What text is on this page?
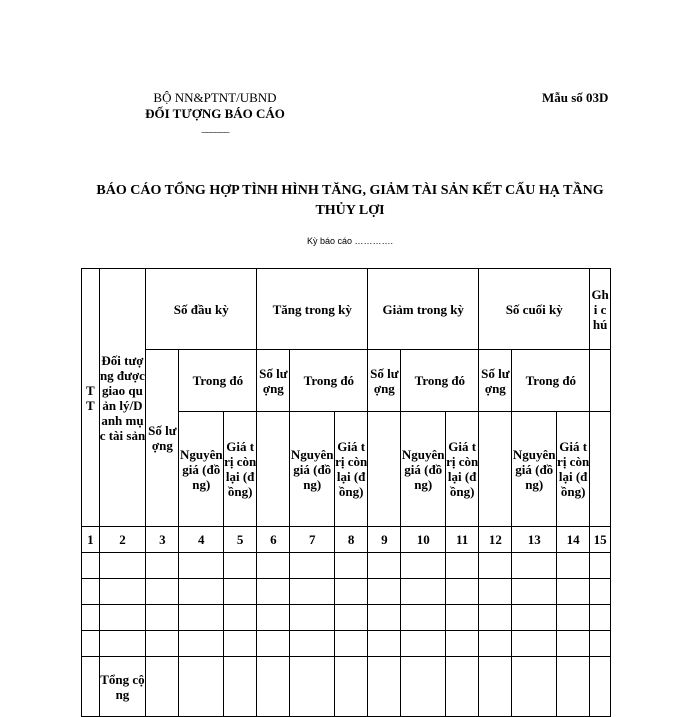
BỘ NN&PTNT/UBND
ĐỐI TƯỢNG BÁO CÁO
______
Mẫu số 03D
BÁO CÁO TỔNG HỢP TÌNH HÌNH TĂNG, GIẢM TÀI SẢN KẾT CẤU HẠ TẦNG THỦY LỢI
Kỳ báo cáo ………….
TT	Đối tượng được giao quản lý/Danh mục tài sản	Số đầu kỳ			Tăng trong kỳ			Giảm trong kỳ			Số cuối kỳ			Ghi chú
		Số lượng	Trong đó		Số lượng	Trong đó		Số lượng	Trong đó		Số lượng	Trong đó		
			Nguyên giá (đồng)	Giá trị còn lại (đồng)		Nguyên giá (đồng)	Giá trị còn lại (đồng)		Nguyên giá (đồng)	Giá trị còn lại (đồng)		Nguyên giá (đồng)	Giá trị còn lại (đồng)	
1	2	3	4	5	6	7	8	9	10	11	12	13	14	15

	Tổng cộng													
